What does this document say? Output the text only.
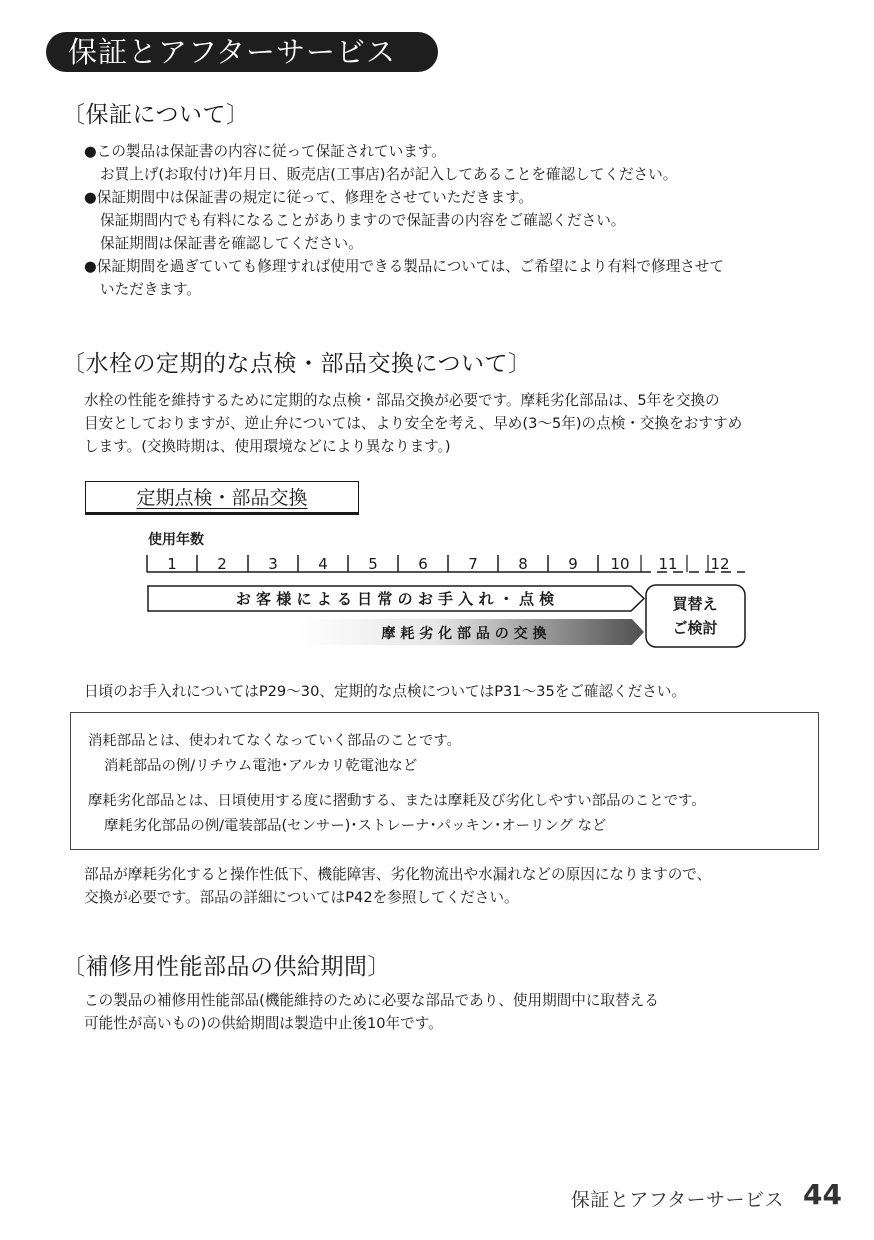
保証とアフターサービス
〔保証について〕
●この製品は保証書の内容に従って保証されています。
お買上げ(お取付け)年月日、販売店(工事店)名が記入してあることを確認してください。
●保証期間中は保証書の規定に従って、修理をさせていただきます。
保証期間内でも有料になることがありますので保証書の内容をご確認ください。
保証期間は保証書を確認してください。
●保証期間を過ぎていても修理すれば使用できる製品については、ご希望により有料で修理させて
いただきます。
〔水栓の定期的な点検・部品交換について〕
水栓の性能を維持するために定期的な点検・部品交換が必要です。摩耗劣化部品は、5年を交換の
目安としておりますが、逆止弁については、より安全を考え、早め(3〜5年)の点検・交換をおすすめ
します。(交換時期は、使用環境などにより異なります。)
定期点検・部品交換
使用年数
1	2	3	4	5	6	7	8	9 10 11 12
お 客 様 に よ る 日 常 の お 手 入 れ ・ 点 検
摩 耗 劣 化 部 品 の 交 換
買替え
ご検討
日頃のお手入れについてはP29〜30、定期的な点検についてはP31〜35をご確認ください。
消耗部品とは、使われてなくなっていく部品のことです。
消耗部品の例/リチウム電池･アルカリ乾電池など
摩耗劣化部品とは、日頃使用する度に摺動する、または摩耗及び劣化しやすい部品のことです。
摩耗劣化部品の例/電装部品(センサー)･ストレーナ･パッキン･オーリング など
部品が摩耗劣化すると操作性低下、機能障害、劣化物流出や水漏れなどの原因になりますので、
交換が必要です。部品の詳細についてはP42を参照してください。
〔補修用性能部品の供給期間〕
この製品の補修用性能部品(機能維持のために必要な部品であり、使用期間中に取替える
可能性が高いもの)の供給期間は製造中止後10年です。
保証とアフターサービス 44
